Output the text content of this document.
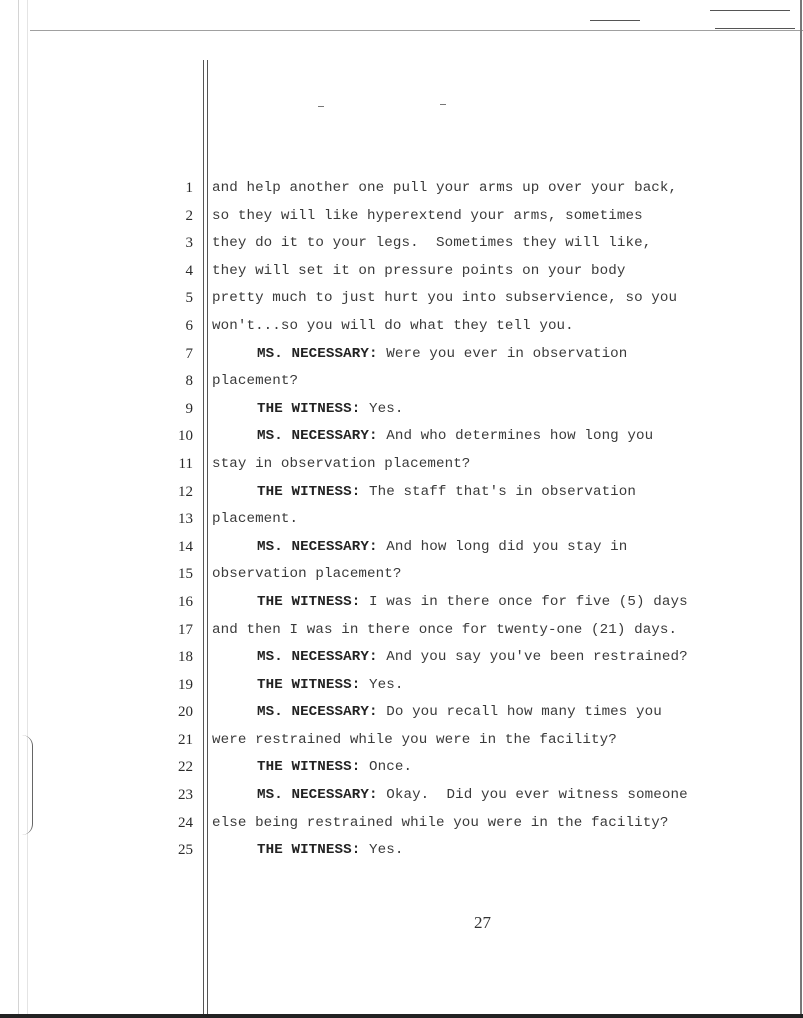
1 and help another one pull your arms up over your back,
2 so they will like hyperextend your arms, sometimes
3 they do it to your legs.  Sometimes they will like,
4 they will set it on pressure points on your body
5 pretty much to just hurt you into subservience, so you
6 won't...so you will do what they tell you.
7	MS. NECESSARY: Were you ever in observation
8 placement?
9	THE WITNESS: Yes.
10	MS. NECESSARY: And who determines how long you
11 stay in observation placement?
12	THE WITNESS: The staff that's in observation
13 placement.
14	MS. NECESSARY: And how long did you stay in
15 observation placement?
16	THE WITNESS: I was in there once for five (5) days
17 and then I was in there once for twenty-one (21) days.
18	MS. NECESSARY: And you say you've been restrained?
19	THE WITNESS: Yes.
20	MS. NECESSARY: Do you recall how many times you
21 were restrained while you were in the facility?
22	THE WITNESS: Once.
23	MS. NECESSARY: Okay.  Did you ever witness someone
24 else being restrained while you were in the facility?
25	THE WITNESS: Yes.
27
